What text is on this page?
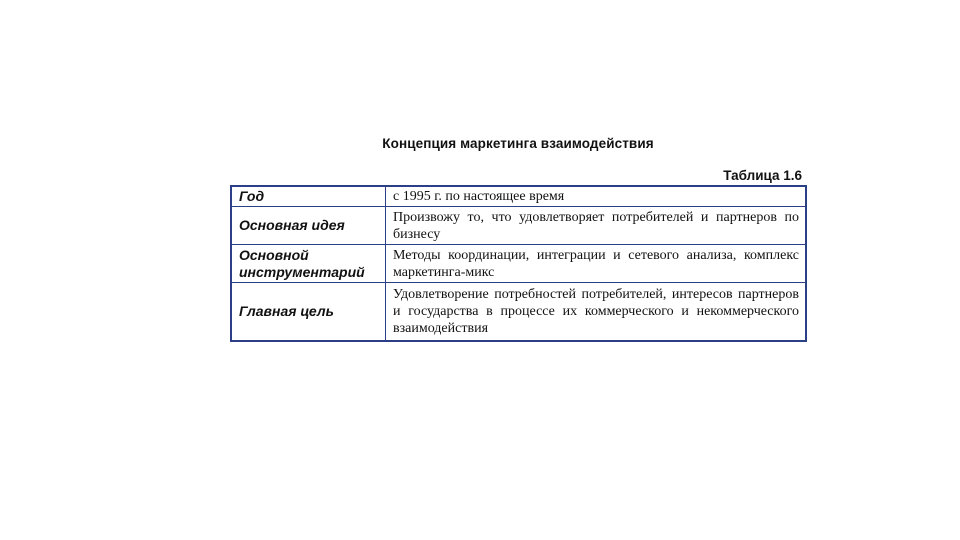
Концепция маркетинга взаимодействия
Таблица 1.6
Год	с 1995 г. по настоящее время
Основная идея	Произвожу то, что удовлетворяет потребителей и партнеров по бизнесу
Основной инструментарий	Методы координации, интеграции и сетевого анализа, комплекс маркетинга-микс
Главная цель	Удовлетворение потребностей потребителей, интересов партнеров и государства в процессе их коммерческого и некоммерческого взаимодействия
